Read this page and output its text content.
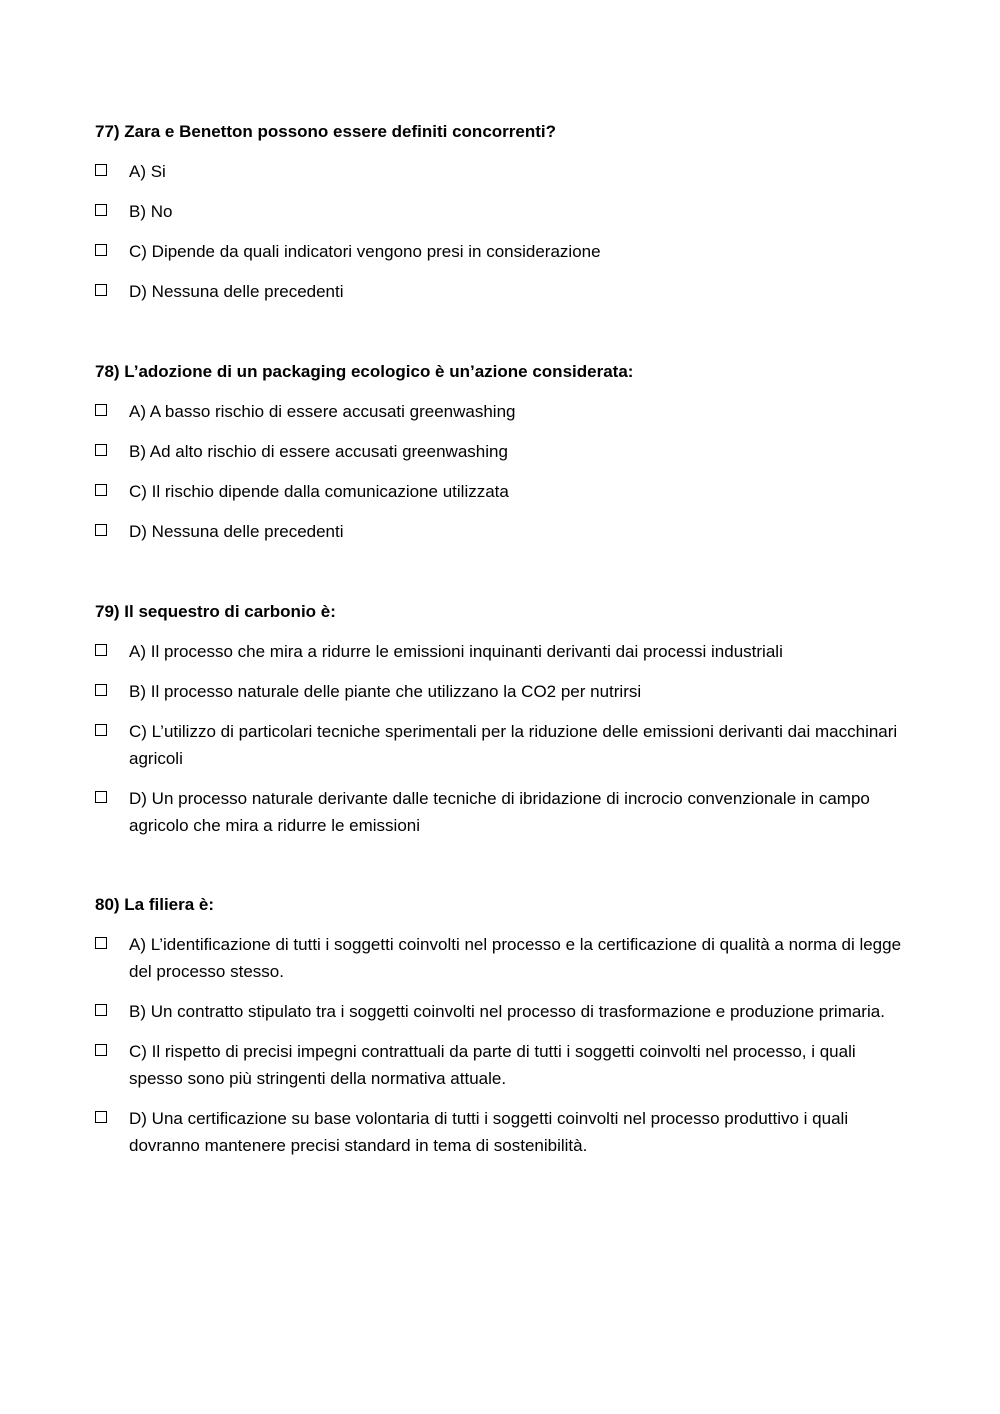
77) Zara e Benetton possono essere definiti concorrenti?
A) Si
B) No
C) Dipende da quali indicatori vengono presi in considerazione
D) Nessuna delle precedenti
78) L’adozione di un packaging ecologico è un’azione considerata:
A) A basso rischio di essere accusati greenwashing
B) Ad alto rischio di essere accusati greenwashing
C) Il rischio dipende dalla comunicazione utilizzata
D) Nessuna delle precedenti
79) Il sequestro di carbonio è:
A) Il processo che mira a ridurre le emissioni inquinanti derivanti dai processi industriali
B) Il processo naturale delle piante che utilizzano la CO2 per nutrirsi
C) L’utilizzo di particolari tecniche sperimentali per la riduzione delle emissioni derivanti dai macchinari agricoli
D) Un processo naturale derivante dalle tecniche di ibridazione di incrocio convenzionale in campo agricolo che mira a ridurre le emissioni
80) La filiera è:
A) L’identificazione di tutti i soggetti coinvolti nel processo e la certificazione di qualità a norma di legge del processo stesso.
B) Un contratto stipulato tra i soggetti coinvolti nel processo di trasformazione e produzione primaria.
C) Il rispetto di precisi impegni contrattuali da parte di tutti i soggetti coinvolti nel processo, i quali spesso sono più stringenti della normativa attuale.
D) Una certificazione su base volontaria di tutti i soggetti coinvolti nel processo produttivo i quali dovranno mantenere precisi standard in tema di sostenibilità.
